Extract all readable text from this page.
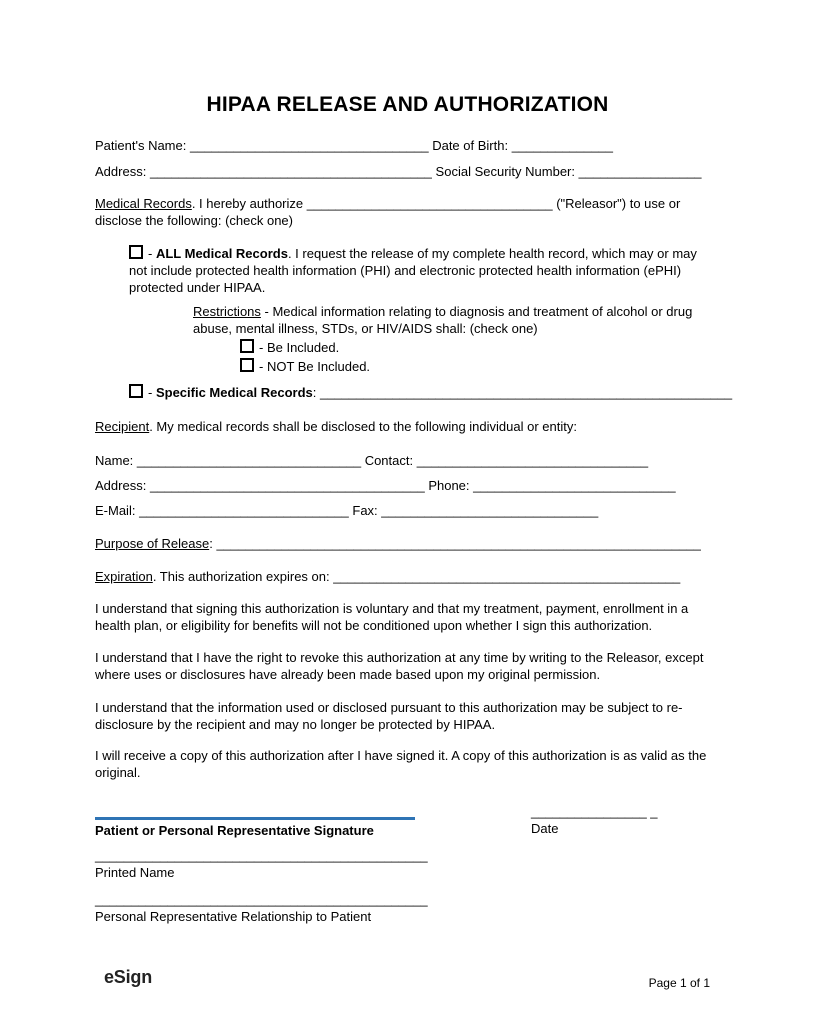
HIPAA RELEASE AND AUTHORIZATION

Patient's Name: _________________________________ Date of Birth: ______________

Address: _______________________________________ Social Security Number: _________________

Medical Records. I hereby authorize __________________________________ ("Releasor") to use or disclose the following: (check one)

- ALL Medical Records. I request the release of my complete health record, which may or may not include protected health information (PHI) and electronic protected health information (ePHI) protected under HIPAA.

Restrictions - Medical information relating to diagnosis and treatment of alcohol or drug abuse, mental illness, STDs, or HIV/AIDS shall: (check one)

- Be Included.

- NOT Be Included.

- Specific Medical Records: _________________________________________________________

Recipient. My medical records shall be disclosed to the following individual or entity:

Name: _______________________________ Contact: ________________________________

Address: ______________________________________ Phone: ____________________________

E-Mail: _____________________________ Fax: ______________________________

Purpose of Release: ___________________________________________________________________

Expiration. This authorization expires on: ________________________________________________

I understand that signing this authorization is voluntary and that my treatment, payment, enrollment in a health plan, or eligibility for benefits will not be conditioned upon whether I sign this authorization.

I understand that I have the right to revoke this authorization at any time by writing to the Releasor, except where uses or disclosures have already been made based upon my original permission.

I understand that the information used or disclosed pursuant to this authorization may be subject to re-disclosure by the recipient and may no longer be protected by HIPAA.

I will receive a copy of this authorization after I have signed it. A copy of this authorization is as valid as the original.

Patient or Personal Representative Signature
________________ _
Date
______________________________________________
Printed Name
______________________________________________
Personal Representative Relationship to Patient
eSign	Page 1 of 1
